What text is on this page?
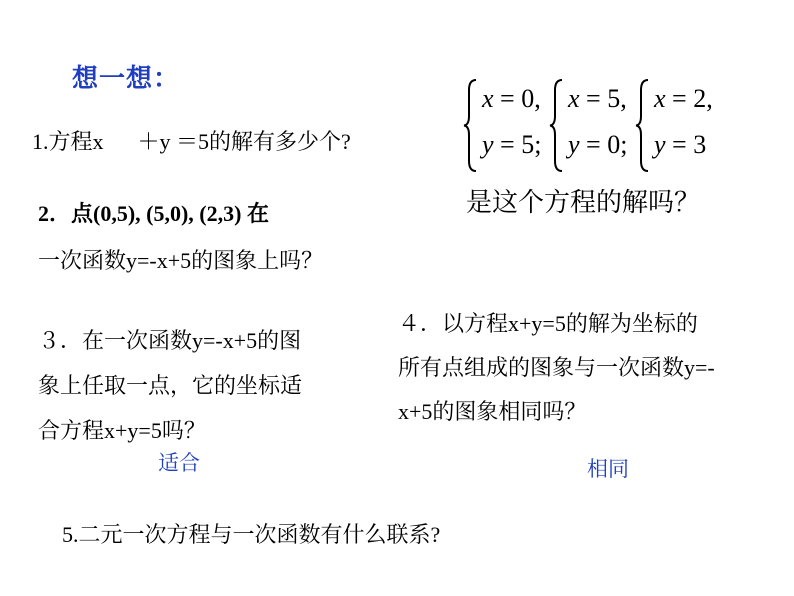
想一想：
1.方程x ＋y ＝5的解有多少个?
x = 0,
y = 5;
x = 5,
y = 0;
x = 2,
y = 3
是这个方程的解吗？
2．点(0,5), (5,0), (2,3) 在
一次函数y=-x+5的图象上吗？
３．在一次函数y=-x+5的图
象上任取一点，它的坐标适
合方程x+y=5吗？
适合
４．以方程x+y=5的解为坐标的
所有点组成的图象与一次函数y=-
x+5的图象相同吗？
相同
5.二元一次方程与一次函数有什么联系?
